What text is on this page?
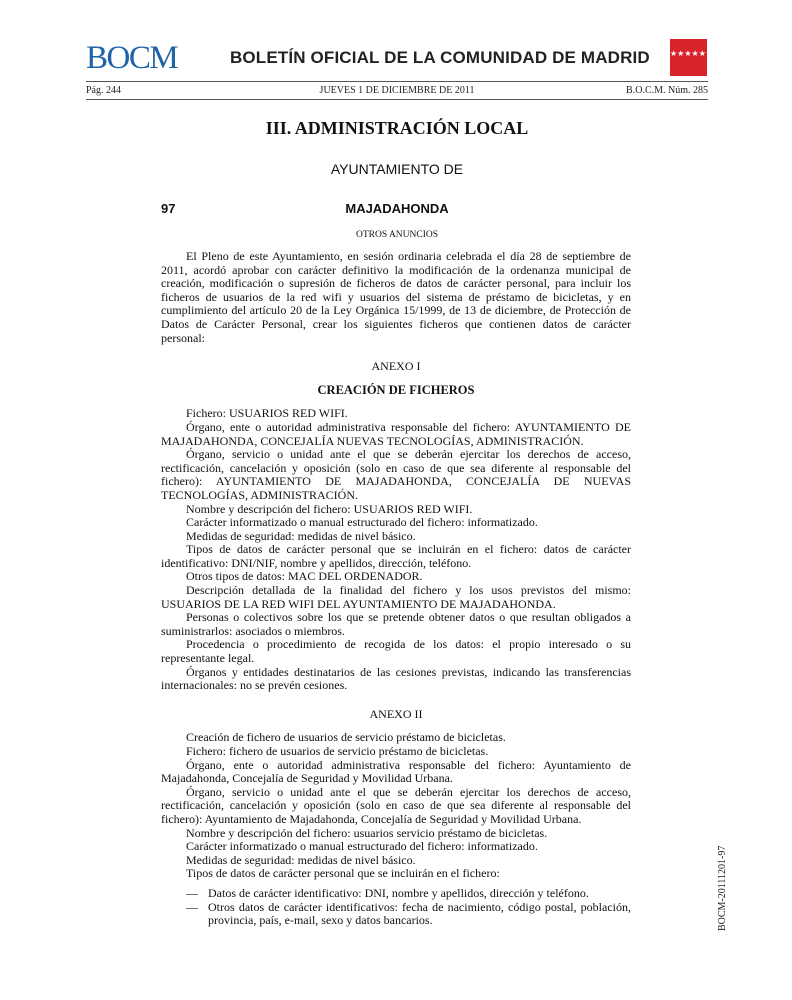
BOCM	BOLETÍN OFICIAL DE LA COMUNIDAD DE MADRID	★★★★★★★
Pág. 244	JUEVES 1 DE DICIEMBRE DE 2011	B.O.C.M. Núm. 285
III. ADMINISTRACIÓN LOCAL
AYUNTAMIENTO DE
97	MAJADAHONDA
OTROS ANUNCIOS

El Pleno de este Ayuntamiento, en sesión ordinaria celebrada el día 28 de septiembre de 2011, acordó aprobar con carácter definitivo la modificación de la ordenanza municipal de creación, modificación o supresión de ficheros de datos de carácter personal, para incluir los ficheros de usuarios de la red wifi y usuarios del sistema de préstamo de bicicletas, y en cumplimiento del artículo 20 de la Ley Orgánica 15/1999, de 13 de diciembre, de Protección de Datos de Carácter Personal, crear los siguientes ficheros que contienen datos de carácter personal:

ANEXO I

CREACIÓN DE FICHEROS

Fichero: USUARIOS RED WIFI.

Órgano, ente o autoridad administrativa responsable del fichero: AYUNTAMIENTO DE MAJADAHONDA, CONCEJALÍA NUEVAS TECNOLOGÍAS, ADMINISTRACIÓN.

Órgano, servicio o unidad ante el que se deberán ejercitar los derechos de acceso, rectificación, cancelación y oposición (solo en caso de que sea diferente al responsable del fichero): AYUNTAMIENTO DE MAJADAHONDA, CONCEJALÍA DE NUEVAS TECNOLOGÍAS, ADMINISTRACIÓN.

Nombre y descripción del fichero: USUARIOS RED WIFI.

Carácter informatizado o manual estructurado del fichero: informatizado.

Medidas de seguridad: medidas de nivel básico.

Tipos de datos de carácter personal que se incluirán en el fichero: datos de carácter identificativo: DNI/NIF, nombre y apellidos, dirección, teléfono.

Otros tipos de datos: MAC DEL ORDENADOR.

Descripción detallada de la finalidad del fichero y los usos previstos del mismo: USUARIOS DE LA RED WIFI DEL AYUNTAMIENTO DE MAJADAHONDA.

Personas o colectivos sobre los que se pretende obtener datos o que resultan obligados a suministrarlos: asociados o miembros.

Procedencia o procedimiento de recogida de los datos: el propio interesado o su representante legal.

Órganos y entidades destinatarios de las cesiones previstas, indicando las transferencias internacionales: no se prevén cesiones.

ANEXO II

Creación de fichero de usuarios de servicio préstamo de bicicletas.

Fichero: fichero de usuarios de servicio préstamo de bicicletas.

Órgano, ente o autoridad administrativa responsable del fichero: Ayuntamiento de Majadahonda, Concejalía de Seguridad y Movilidad Urbana.

Órgano, servicio o unidad ante el que se deberán ejercitar los derechos de acceso, rectificación, cancelación y oposición (solo en caso de que sea diferente al responsable del fichero): Ayuntamiento de Majadahonda, Concejalía de Seguridad y Movilidad Urbana.

Nombre y descripción del fichero: usuarios servicio préstamo de bicicletas.

Carácter informatizado o manual estructurado del fichero: informatizado.

Medidas de seguridad: medidas de nivel básico.

Tipos de datos de carácter personal que se incluirán en el fichero:

— Datos de carácter identificativo: DNI, nombre y apellidos, dirección y teléfono.
— Otros datos de carácter identificativos: fecha de nacimiento, código postal, población, provincia, país, e-mail, sexo y datos bancarios.	BOCM-20111201-97
